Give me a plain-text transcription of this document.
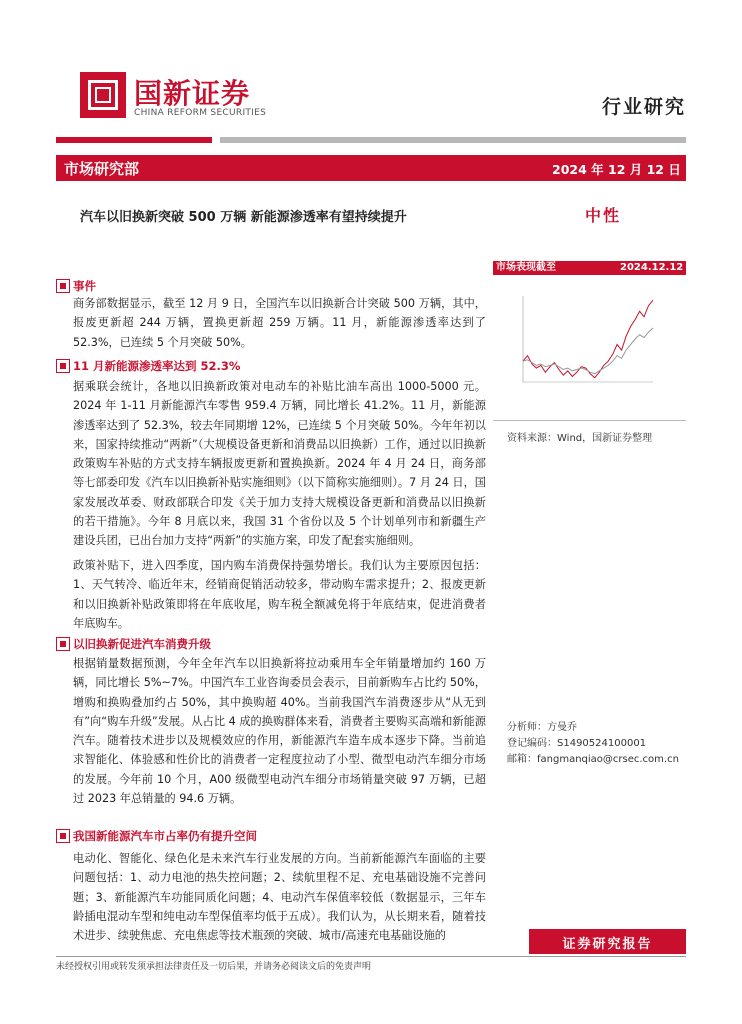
国新证券
CHINA REFORM SECURITIES	行业研究
市场研究部	2024 年 12 月 12 日
汽车以旧换新突破 500 万辆 新能源渗透率有望持续提升	中性
市场表现截至	2024.12.12
资料来源：Wind，国新证券整理
分析师：方曼乔
登记编码：S1490524100001
邮箱：fangmanqiao@crsec.com.cn
事件

商务部数据显示，截至 12 月 9 日，全国汽车以旧换新合计突破 500 万辆，其中，报废更新超 244 万辆，置换更新超 259 万辆。11 月，新能源渗透率达到了 52.3%，已连续 5 个月突破 50%。

11 月新能源渗透率达到 52.3%

据乘联会统计，各地以旧换新政策对电动车的补贴比油车高出 1000-5000 元。2024 年 1-11 月新能源汽车零售 959.4 万辆，同比增长 41.2%。11 月，新能源渗透率达到了 52.3%，较去年同期增 12%，已连续 5 个月突破 50%。今年年初以来，国家持续推动“两新”（大规模设备更新和消费品以旧换新）工作，通过以旧换新政策购车补贴的方式支持车辆报废更新和置换换新。2024 年 4 月 24 日，商务部等七部委印发《汽车以旧换新补贴实施细则》（以下简称实施细则）。7 月 24 日，国家发展改革委、财政部联合印发《关于加力支持大规模设备更新和消费品以旧换新的若干措施》。今年 8 月底以来，我国 31 个省份以及 5 个计划单列市和新疆生产建设兵团，已出台加力支持“两新”的实施方案，印发了配套实施细则。

政策补贴下，进入四季度，国内购车消费保持强势增长。我们认为主要原因包括：1、天气转冷、临近年末，经销商促销活动较多，带动购车需求提升；2、报废更新和以旧换新补贴政策即将在年底收尾，购车税全额减免将于年底结束，促进消费者年底购车。

以旧换新促进汽车消费升级

根据销量数据预测，今年全年汽车以旧换新将拉动乘用车全年销量增加约 160 万辆，同比增长 5%~7%。中国汽车工业咨询委员会表示，目前新购车占比约 50%，增购和换购叠加约占 50%，其中换购超 40%。当前我国汽车消费逐步从“从无到有”向“购车升级”发展。从占比 4 成的换购群体来看，消费者主要购买高端和新能源汽车。随着技术进步以及规模效应的作用，新能源汽车造车成本逐步下降。当前追求智能化、体验感和性价比的消费者一定程度拉动了小型、微型电动汽车细分市场的发展。今年前 10 个月，A00 级微型电动汽车细分市场销量突破 97 万辆，已超过 2023 年总销量的 94.6 万辆。

我国新能源汽车市占率仍有提升空间

电动化、智能化、绿色化是未来汽车行业发展的方向。当前新能源汽车面临的主要问题包括：1、动力电池的热失控问题；2、续航里程不足、充电基础设施不完善问题；3、新能源汽车功能同质化问题；4、电动汽车保值率较低（数据显示，三年车龄插电混动车型和纯电动车型保值率均低于五成）。我们认为，从长期来看，随着技术进步、续驶焦虑、充电焦虑等技术瓶颈的突破、城市/高速充电基础设施的

证券研究报告
未经授权引用或转发须承担法律责任及一切后果，并请务必阅读文后的免责声明
